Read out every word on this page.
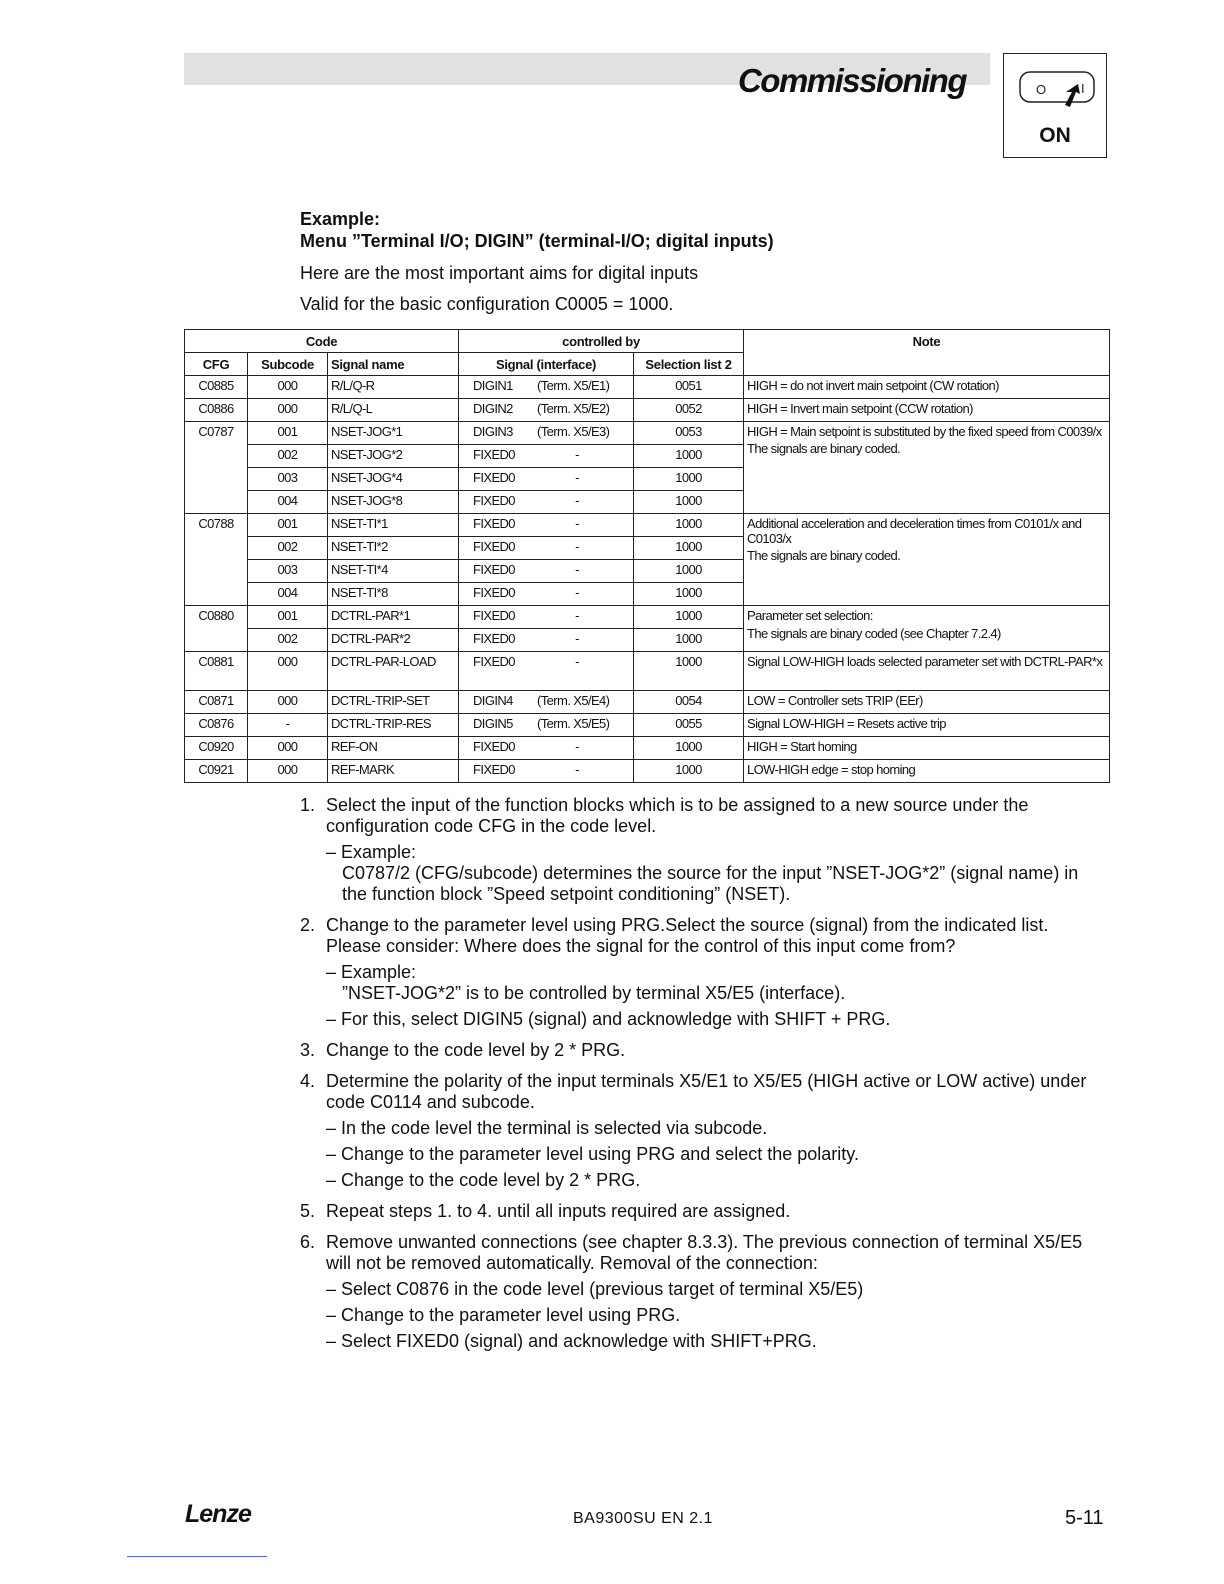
Commissioning	O	I
ON
Example:
Menu ”Terminal I/O; DIGIN” (terminal-I/O; digital inputs)

Here are the most important aims for digital inputs

Valid for the basic configuration C0005 = 1000.

Code			controlled by		Note
CFG	Subcode	Signal name	Signal (interface)	Selection list 2	
C0885	000	R/L/Q-R	DIGIN1 (Term. X5/E1)	0051	HIGH = do not invert main setpoint (CW rotation)
C0886	000	R/L/Q-L	DIGIN2 (Term. X5/E2)	0052	HIGH = Invert main setpoint (CCW rotation)
C0787	001	NSET-JOG*1	DIGIN3 (Term. X5/E3)	0053	HIGH = Main setpoint is substituted by the fixed speed from C0039/x
The signals are binary coded.

	002	NSET-JOG*2	FIXED0 -	1000	
	003	NSET-JOG*4	FIXED0 -	1000	
	004	NSET-JOG*8	FIXED0 -	1000	
C0788	001	NSET-TI*1	FIXED0 -	1000	Additional acceleration and deceleration times from C0101/x and C0103/x
The signals are binary coded.

	002	NSET-TI*2	FIXED0 -	1000	
	003	NSET-TI*4	FIXED0 -	1000	
	004	NSET-TI*8	FIXED0 -	1000	
C0880	001	DCTRL-PAR*1	FIXED0 -	1000	Parameter set selection:
The signals are binary coded (see Chapter 7.2.4)

	002	DCTRL-PAR*2	FIXED0 -	1000	
C0881	000	DCTRL-PAR-LOAD	FIXED0 -	1000	Signal LOW-HIGH loads selected parameter set with DCTRL-PAR*x
C0871	000	DCTRL-TRIP-SET	DIGIN4 (Term. X5/E4)	0054	LOW = Controller sets TRIP (EEr)
C0876	-	DCTRL-TRIP-RES	DIGIN5 (Term. X5/E5)	0055	Signal LOW-HIGH = Resets active trip
C0920	000	REF-ON	FIXED0 -	1000	HIGH = Start homing
C0921	000	REF-MARK	FIXED0 -	1000	LOW-HIGH edge = stop homing
1. Select the input of the function blocks which is to be assigned to a new source under the configuration code CFG in the code level.
– Example:
C0787/2 (CFG/subcode) determines the source for the input ”NSET-JOG*2” (signal name) in the function block ”Speed setpoint conditioning” (NSET).
2. Change to the parameter level using PRG.Select the source (signal) from the indicated list. Please consider: Where does the signal for the control of this input come from?
– Example:
”NSET-JOG*2” is to be controlled by terminal X5/E5 (interface).
– For this, select DIGIN5 (signal) and acknowledge with SHIFT + PRG.
3. Change to the code level by 2 * PRG.
4. Determine the polarity of the input terminals X5/E1 to X5/E5 (HIGH active or LOW active) under code C0114 and subcode.
– In the code level the terminal is selected via subcode.
– Change to the parameter level using PRG and select the polarity.
– Change to the code level by 2 * PRG.
5. Repeat steps 1. to 4. until all inputs required are assigned.
6. Remove unwanted connections (see chapter 8.3.3). The previous connection of terminal X5/E5 will not be removed automatically. Removal of the connection:
– Select C0876 in the code level (previous target of terminal X5/E5)
– Change to the parameter level using PRG.
– Select FIXED0 (signal) and acknowledge with SHIFT+PRG.
Lenze	BA9300SU EN 2.1	5-11
